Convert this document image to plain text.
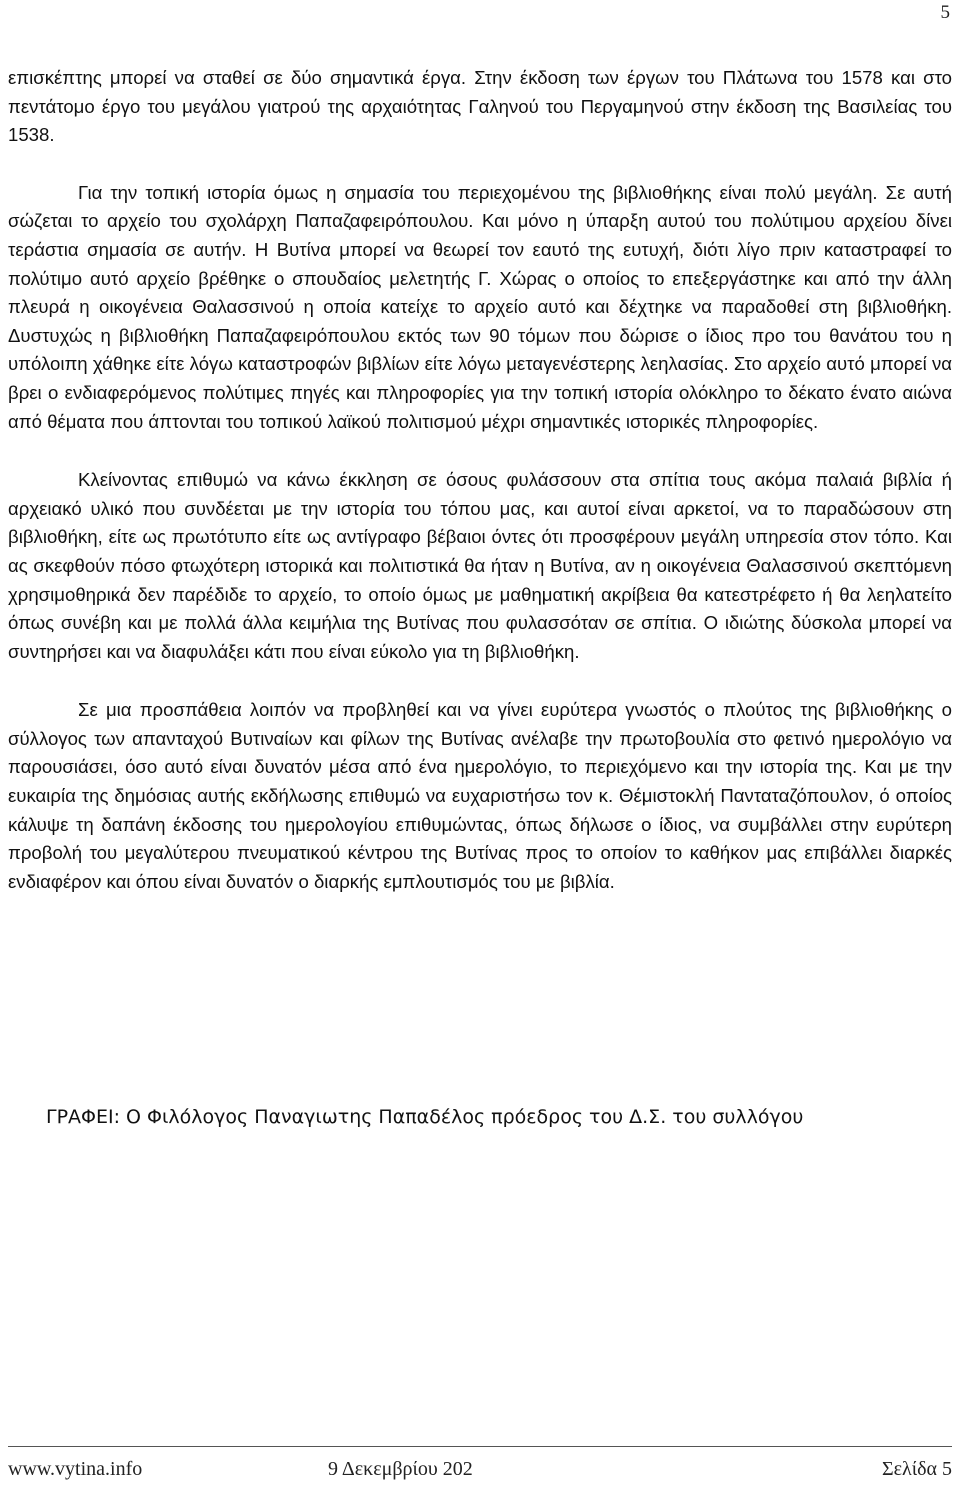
5

επισκέπτης μπορεί να σταθεί σε δύο σημαντικά έργα. Στην έκδοση των έργων του Πλάτωνα του 1578 και στο πεντάτομο έργο του μεγάλου γιατρού της αρχαιότητας Γαληνού του Περγαμηνού στην έκδοση της Βασιλείας του 1538.

Για την τοπική ιστορία όμως η σημασία του περιεχομένου της βιβλιοθήκης είναι πολύ μεγάλη. Σε αυτή σώζεται το αρχείο του σχολάρχη Παπαζαφειρόπουλου. Και μόνο η ύπαρξη αυτού του πολύτιμου αρχείου δίνει τεράστια σημασία σε αυτήν. Η Βυτίνα μπορεί να θεωρεί τον εαυτό της ευτυχή, διότι λίγο πριν καταστραφεί το πολύτιμο αυτό αρχείο βρέθηκε ο σπουδαίος μελετητής Γ. Χώρας ο οποίος το επεξεργάστηκε και από την άλλη πλευρά η οικογένεια Θαλασσινού η οποία κατείχε το αρχείο αυτό και δέχτηκε να παραδοθεί στη βιβλιοθήκη. Δυστυχώς η βιβλιοθήκη Παπαζαφειρόπουλου εκτός των 90 τόμων που δώρισε ο ίδιος προ του θανάτου του η υπόλοιπη χάθηκε είτε λόγω καταστροφών βιβλίων είτε λόγω μεταγενέστερης λεηλασίας. Στο αρχείο αυτό μπορεί να βρει ο ενδιαφερόμενος πολύτιμες πηγές και πληροφορίες για την τοπική ιστορία ολόκληρο το δέκατο ένατο αιώνα από θέματα που άπτονται του τοπικού λαϊκού πολιτισμού μέχρι σημαντικές ιστορικές πληροφορίες.

Κλείνοντας επιθυμώ να κάνω έκκληση σε όσους φυλάσσουν στα σπίτια τους ακόμα παλαιά βιβλία ή αρχειακό υλικό που συνδέεται με την ιστορία του τόπου μας, και αυτοί είναι αρκετοί, να το παραδώσουν στη βιβλιοθήκη, είτε ως πρωτότυπο είτε ως αντίγραφο βέβαιοι όντες ότι προσφέρουν μεγάλη υπηρεσία στον τόπο. Και ας σκεφθούν πόσο φτωχότερη ιστορικά και πολιτιστικά θα ήταν η Βυτίνα, αν η οικογένεια Θαλασσινού σκεπτόμενη χρησιμοθηρικά δεν παρέδιδε το αρχείο, το οποίο όμως με μαθηματική ακρίβεια θα κατεστρέφετο ή θα λεηλατείτο όπως συνέβη και με πολλά άλλα κειμήλια της Βυτίνας που φυλασσόταν σε σπίτια. Ο ιδιώτης δύσκολα μπορεί να συντηρήσει και να διαφυλάξει κάτι που είναι εύκολο για τη βιβλιοθήκη.

Σε μια προσπάθεια λοιπόν να προβληθεί και να γίνει ευρύτερα γνωστός ο πλούτος της βιβλιοθήκης ο σύλλογος των απανταχού Βυτιναίων και φίλων της Βυτίνας ανέλαβε την πρωτοβουλία στο φετινό ημερολόγιο να παρουσιάσει, όσο αυτό είναι δυνατόν μέσα από ένα ημερολόγιο, το περιεχόμενο και την ιστορία της. Και με την ευκαιρία της δημόσιας αυτής εκδήλωσης επιθυμώ να ευχαριστήσω τον κ. Θέμιστοκλή Πανταταζόπουλον, ό οποίος κάλυψε τη δαπάνη έκδοσης του ημερολογίου επιθυμώντας, όπως δήλωσε ο ίδιος, να συμβάλλει στην ευρύτερη προβολή του μεγαλύτερου πνευματικού κέντρου της Βυτίνας προς το οποίον το καθήκον μας επιβάλλει διαρκές ενδιαφέρον και όπου είναι δυνατόν ο διαρκής εμπλουτισμός του με βιβλία.

ΓΡΑΦΕΙ: Ο Φιλόλογος Παναγιωτης Παπαδέλος πρόεδρος του Δ.Σ. του συλλόγου
www.vytina.info	9 Δεκεμβρίου 202	Σελίδα 5
